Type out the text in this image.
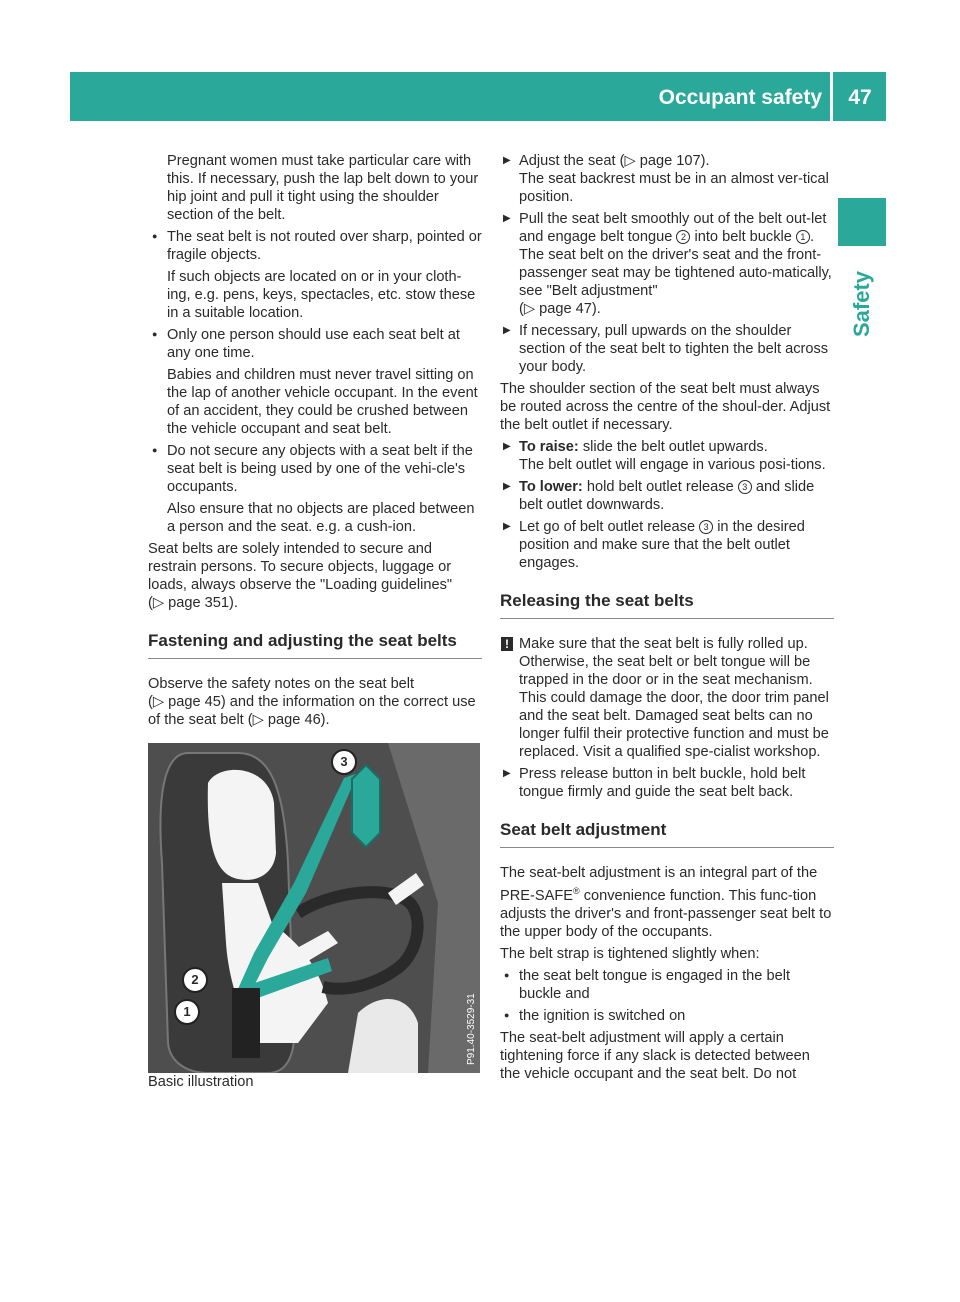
Occupant safety	47
Safety

Pregnant women must take particular care with this. If necessary, push the lap belt down to your hip joint and pull it tight using the shoulder section of the belt.

● The seat belt is not routed over sharp, pointed or fragile objects.

If such objects are located on or in your cloth-ing, e.g. pens, keys, spectacles, etc. stow these in a suitable location.

● Only one person should use each seat belt at any one time.

Babies and children must never travel sitting on the lap of another vehicle occupant. In the event of an accident, they could be crushed between the vehicle occupant and seat belt.

● Do not secure any objects with a seat belt if the seat belt is being used by one of the vehi-cle's occupants.

Also ensure that no objects are placed between a person and the seat. e.g. a cush-ion.

Seat belts are solely intended to secure and restrain persons. To secure objects, luggage or loads, always observe the "Loading guidelines"
(▷ page 351).

Fastening and adjusting the seat belts

Observe the safety notes on the seat belt
(▷ page 45) and the information on the correct use of the seat belt (▷ page 46).

3
2
1	P91.40-3529-31

Basic illustration

▶ Adjust the seat (▷ page 107).
The seat backrest must be in an almost ver-tical position.

▶ Pull the seat belt smoothly out of the belt out-let and engage belt tongue 2 into belt buckle 1 .
The seat belt on the driver's seat and the front-passenger seat may be tightened auto-matically, see "Belt adjustment"
(▷ page 47).

▶ If necessary, pull upwards on the shoulder section of the seat belt to tighten the belt across your body.

The shoulder section of the seat belt must always be routed across the centre of the shoul-der. Adjust the belt outlet if necessary.

▶ To raise: slide the belt outlet upwards.
The belt outlet will engage in various posi-tions.

▶ To lower: hold belt outlet release 3 and slide belt outlet downwards.

▶ Let go of belt outlet release 3 in the desired position and make sure that the belt outlet engages.

Releasing the seat belts

! Make sure that the seat belt is fully rolled up. Otherwise, the seat belt or belt tongue will be trapped in the door or in the seat mechanism. This could damage the door, the door trim panel and the seat belt. Damaged seat belts can no longer fulfil their protective function and must be replaced. Visit a qualified spe-cialist workshop.

▶ Press release button in belt buckle, hold belt tongue firmly and guide the seat belt back.

Seat belt adjustment

The seat-belt adjustment is an integral part of the PRE-SAFE® convenience function. This func-tion adjusts the driver's and front-passenger seat belt to the upper body of the occupants.

The belt strap is tightened slightly when:

● the seat belt tongue is engaged in the belt buckle and

● the ignition is switched on

The seat-belt adjustment will apply a certain tightening force if any slack is detected between the vehicle occupant and the seat belt. Do not
